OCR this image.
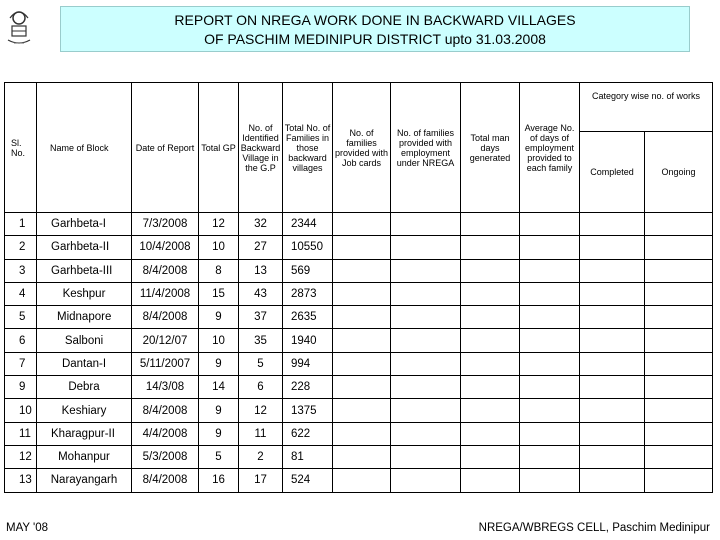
REPORT ON NREGA WORK DONE IN BACKWARD VILLAGES
OF PASCHIM MEDINIPUR DISTRICT upto 31.03.2008
Sl. No.	Name of Block	Date of Report	Total GP	No. of Identified Backward Village in the G.P	Total No. of Families in those backward villages	No. of families provided with Job cards	No. of families provided with employment under NREGA	Total man days generated	Average No. of days of employment provided to each family	Category wise no. of works	
										Completed	Ongoing
1	Garhbeta-I	7/3/2008	12	32	2344						
2	Garhbeta-II	10/4/2008	10	27	10550						
3	Garhbeta-III	8/4/2008	8	13	569						
4	Keshpur	11/4/2008	15	43	2873						
5	Midnapore	8/4/2008	9	37	2635						
6	Salboni	20/12/07	10	35	1940						
7	Dantan-I	5/11/2007	9	5	994						
9	Debra	14/3/08	14	6	228						
10	Keshiary	8/4/2008	9	12	1375						
11	Kharagpur-II	4/4/2008	9	11	622						
12	Mohanpur	5/3/2008	5	2	81						
13	Narayangarh	8/4/2008	16	17	524						
MAY '08	NREGA/WBREGS CELL, Paschim Medinipur
